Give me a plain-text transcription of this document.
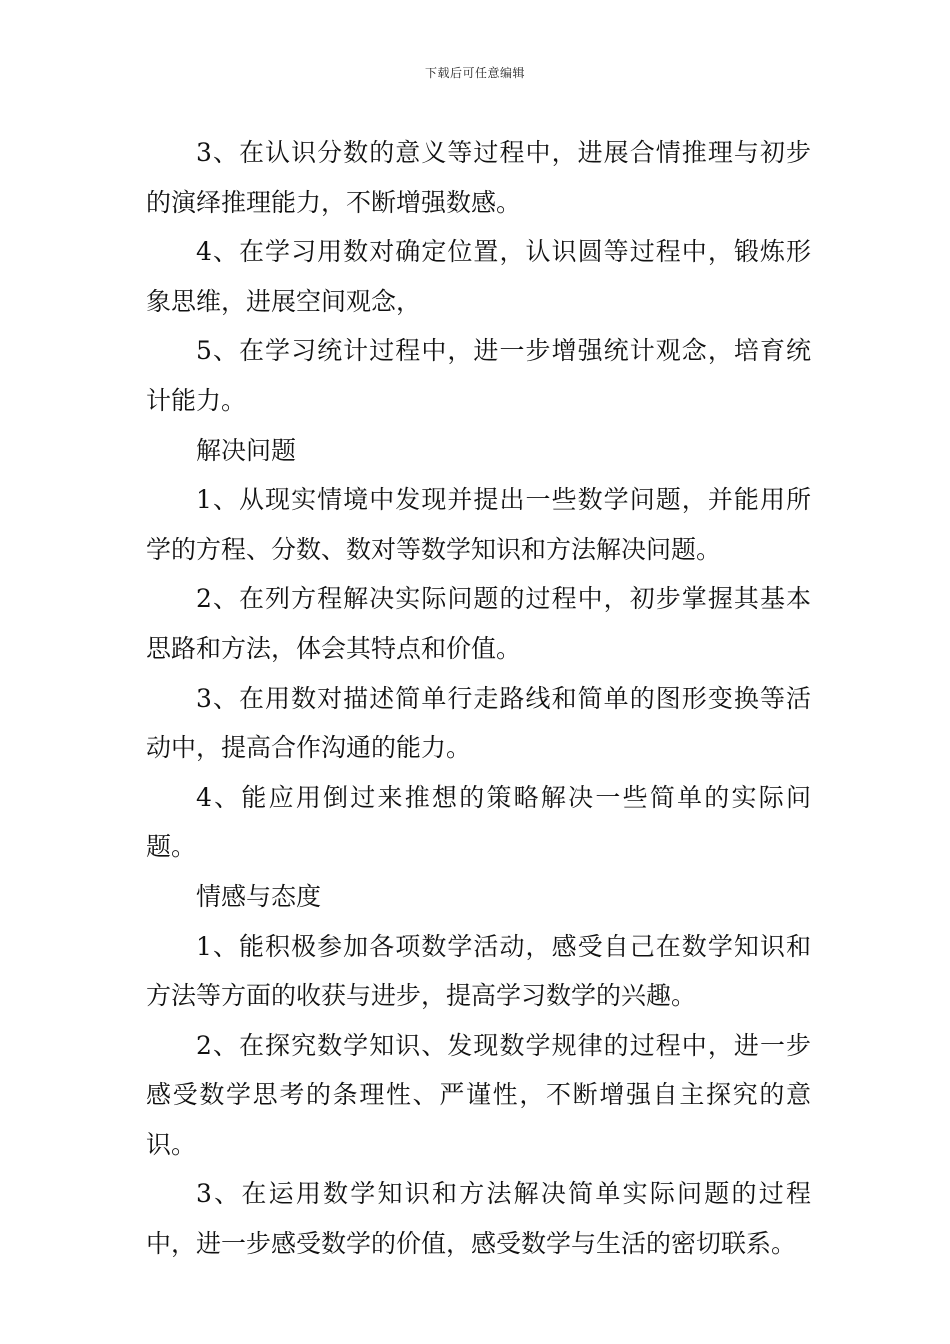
下载后可任意编辑

3、在认识分数的意义等过程中，进展合情推理与初步的演绎推理能力，不断增强数感。

4、在学习用数对确定位置，认识圆等过程中，锻炼形象思维，进展空间观念，

5、在学习统计过程中，进一步增强统计观念，培育统计能力。

解决问题

1、从现实情境中发现并提出一些数学问题，并能用所学的方程、分数、数对等数学知识和方法解决问题。

2、在列方程解决实际问题的过程中，初步掌握其基本思路和方法，体会其特点和价值。

3、在用数对描述简单行走路线和简单的图形变换等活动中，提高合作沟通的能力。

4、能应用倒过来推想的策略解决一些简单的实际问题。

情感与态度

1、能积极参加各项数学活动，感受自己在数学知识和方法等方面的收获与进步，提高学习数学的兴趣。

2、在探究数学知识、发现数学规律的过程中，进一步感受数学思考的条理性、严谨性，不断增强自主探究的意识。

3、在运用数学知识和方法解决简单实际问题的过程中，进一步感受数学的价值，感受数学与生活的密切联系。
